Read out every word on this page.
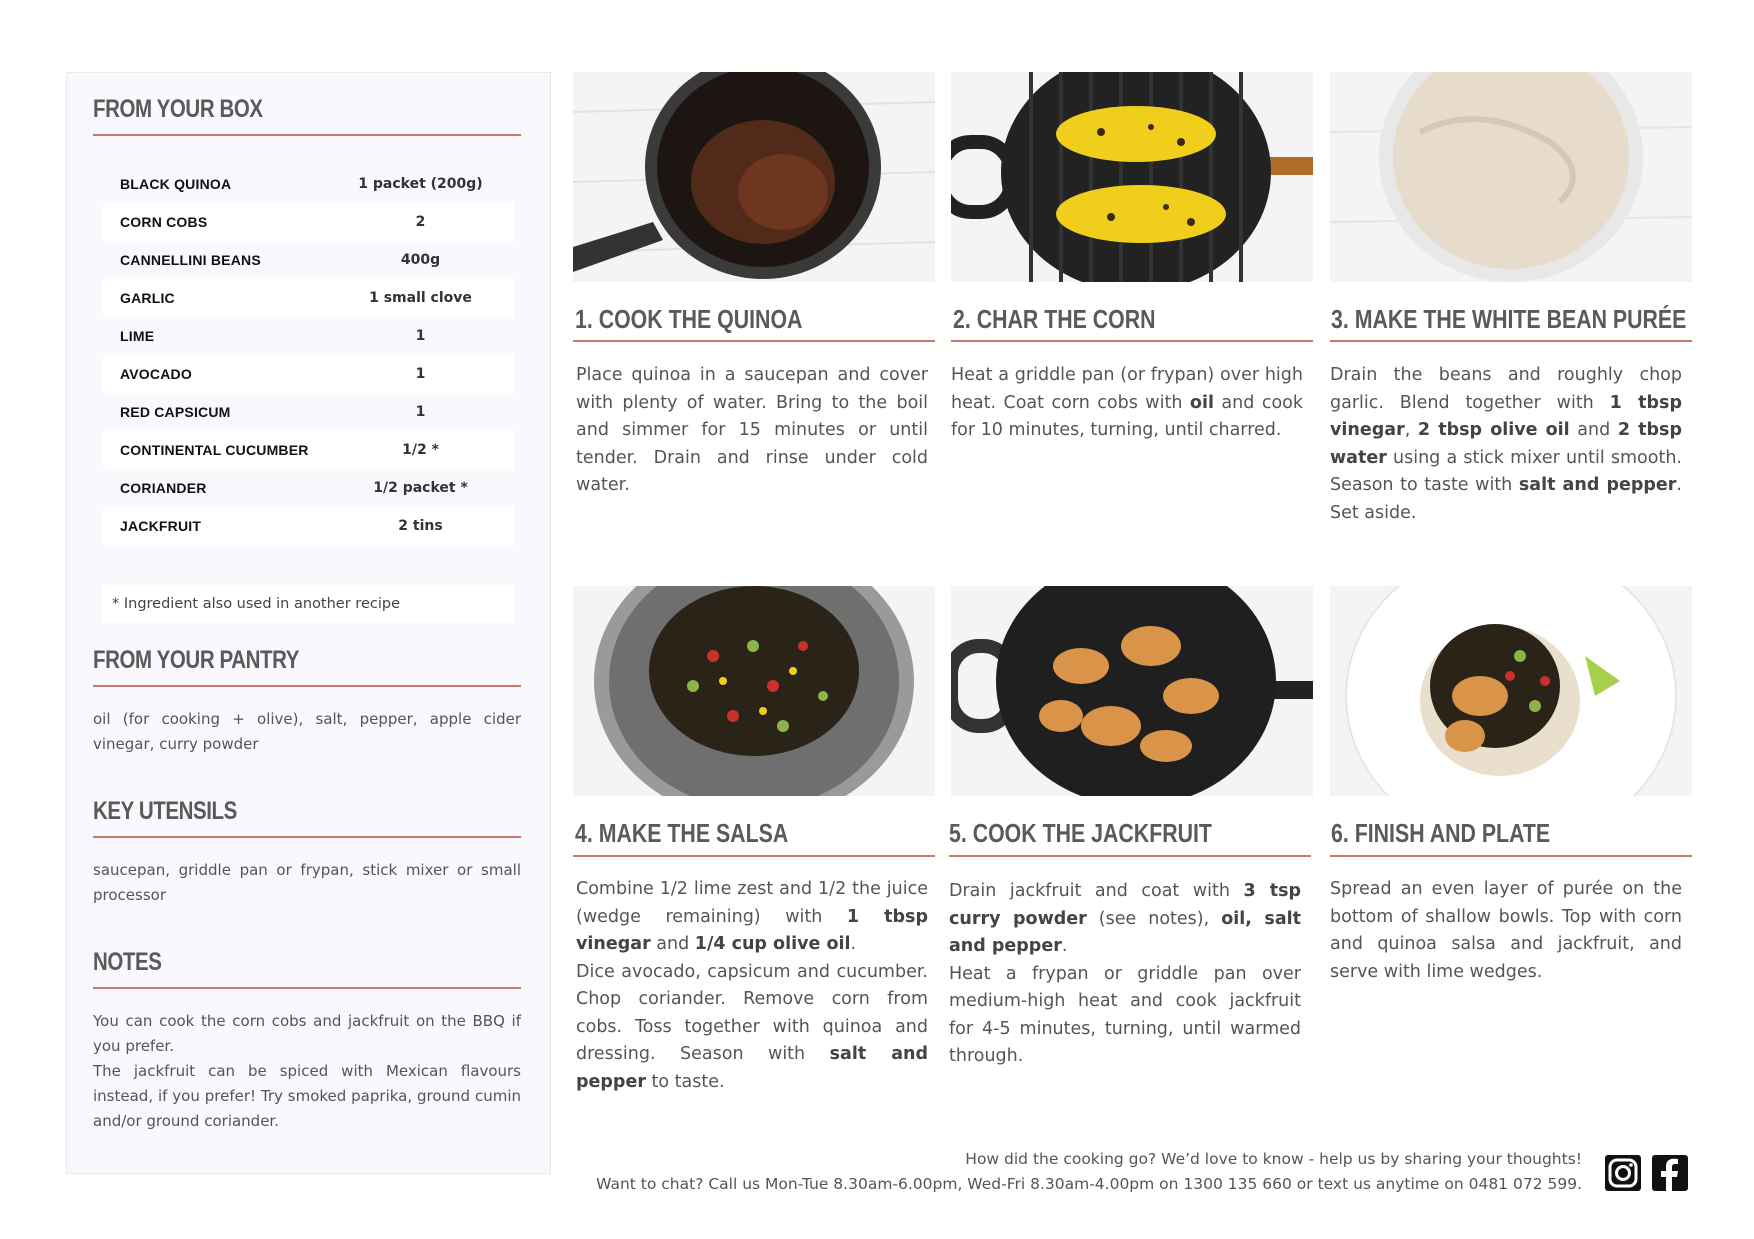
FROM YOUR BOX
BLACK QUINOA	1 packet (200g)
CORN COBS	2
CANNELLINI BEANS	400g
GARLIC	1 small clove
LIME	1
AVOCADO	1
RED CAPSICUM	1
CONTINENTAL CUCUMBER	1/2 *
CORIANDER	1/2 packet *
JACKFRUIT	2 tins
* Ingredient also used in another recipe
FROM YOUR PANTRY
oil (for cooking + olive), salt, pepper, apple cider vinegar, curry powder
KEY UTENSILS
saucepan, griddle pan or frypan, stick mixer or small processor
NOTES
You can cook the corn cobs and jackfruit on the BBQ if you prefer.
The jackfruit can be spiced with Mexican flavours instead, if you prefer! Try smoked paprika, ground cumin and/or ground coriander.
1. COOK THE QUINOA	2. CHAR THE CORN	3. MAKE THE WHITE BEAN PURÉE
4. MAKE THE SALSA	5. COOK THE JACKFRUIT	6. FINISH AND PLATE
Place quinoa in a saucepan and cover with plenty of water. Bring to the boil and simmer for 15 minutes or until tender. Drain and rinse under cold water.
Heat a griddle pan (or frypan) over high heat. Coat corn cobs with oil and cook for 10 minutes, turning, until charred.
Drain the beans and roughly chop garlic. Blend together with 1 tbsp vinegar, 2 tbsp olive oil and 2 tbsp water using a stick mixer until smooth. Season to taste with salt and pepper. Set aside.
Combine 1/2 lime zest and 1/2 the juice (wedge remaining) with 1 tbsp vinegar and 1/4 cup olive oil.
Dice avocado, capsicum and cucumber. Chop coriander. Remove corn from cobs. Toss together with quinoa and dressing. Season with salt and pepper to taste.
Drain jackfruit and coat with 3 tsp curry powder (see notes), oil, salt and pepper.
Heat a frypan or griddle pan over medium-high heat and cook jackfruit for 4-5 minutes, turning, until warmed through.
Spread an even layer of purée on the bottom of shallow bowls. Top with corn and quinoa salsa and jackfruit, and serve with lime wedges.
How did the cooking go? We’d love to know - help us by sharing your thoughts!
Want to chat? Call us Mon-Tue 8.30am-6.00pm, Wed-Fri 8.30am-4.00pm on 1300 135 660 or text us anytime on 0481 072 599.
